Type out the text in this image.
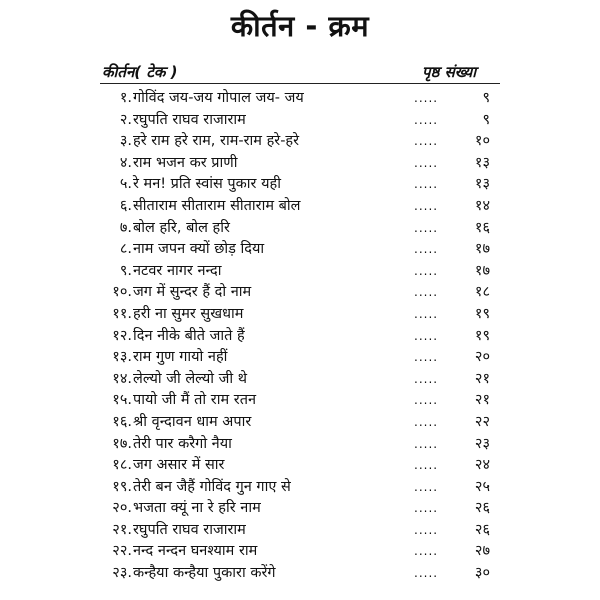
कीर्तन - क्रम
कीर्तन( टेक )	पृष्ठ संख्या
१. गोविंद जय-जय गोपाल जय- जय	.....	९
२. रघुपति राघव राजाराम	.....	९
३. हरे राम हरे राम, राम-राम हरे-हरे	.....	१०
४. राम भजन कर प्राणी	.....	१३
५. रे मन! प्रति स्वांस पुकार यही	.....	१३
६. सीताराम सीताराम सीताराम बोल	.....	१४
७. बोल हरि, बोल हरि	.....	१६
८. नाम जपन क्यों छोड़ दिया	.....	१७
९. नटवर नागर नन्दा	.....	१७
१०. जग में सुन्दर हैं दो नाम	.....	१८
११. हरी ना सुमर सुखधाम	.....	१९
१२. दिन नीके बीते जाते हैं	.....	१९
१३. राम गुण गायो नहीं	.....	२०
१४. लेल्यो जी लेल्यो जी थे	.....	२१
१५. पायो जी मैं तो राम रतन	.....	२१
१६. श्री वृन्दावन धाम अपार	.....	२२
१७. तेरी पार करैगो नैया	.....	२३
१८. जग असार में सार	.....	२४
१९. तेरी बन जैहैं गोविंद गुन गाए से	.....	२५
२०. भजता क्यूं ना रे हरि नाम	.....	२६
२१. रघुपति राघव राजाराम	.....	२६
२२. नन्द नन्दन घनश्याम राम	.....	२७
२३. कन्हैया कन्हैया पुकारा करेंगे	.....	३०
